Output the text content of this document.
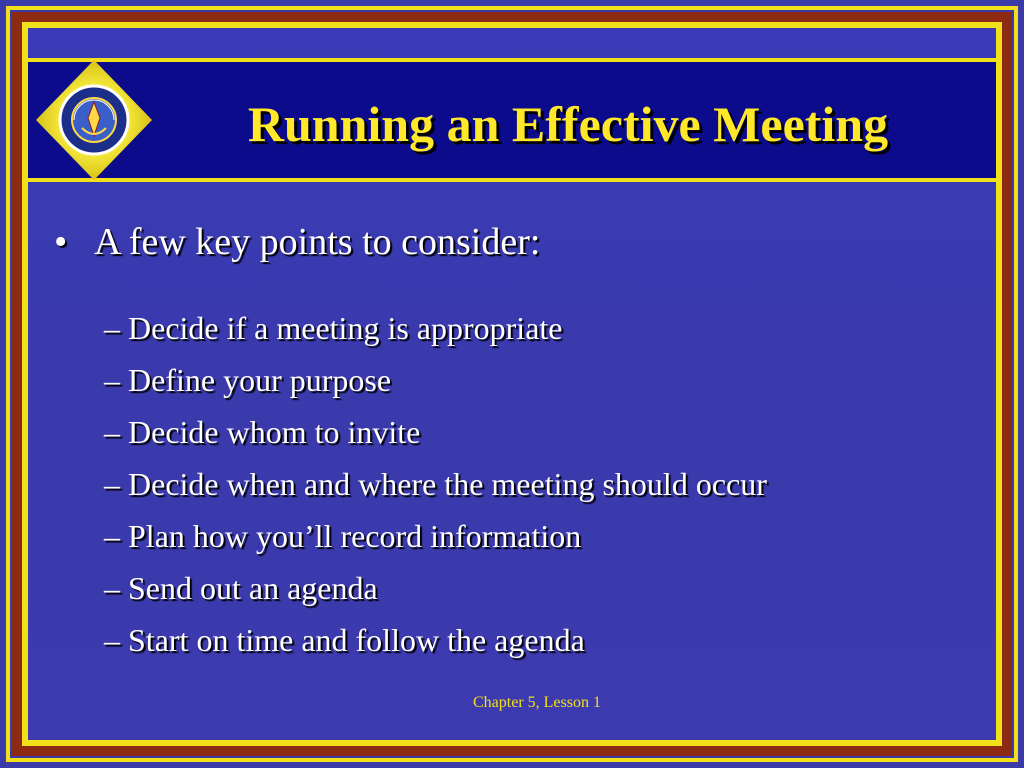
Running an Effective Meeting
• A few key points to consider:
– Decide if a meeting is appropriate
– Define your purpose
– Decide whom to invite
– Decide when and where the meeting should occur
– Plan how you’ll record information
– Send out an agenda
– Start on time and follow the agenda
Chapter 5, Lesson 1
